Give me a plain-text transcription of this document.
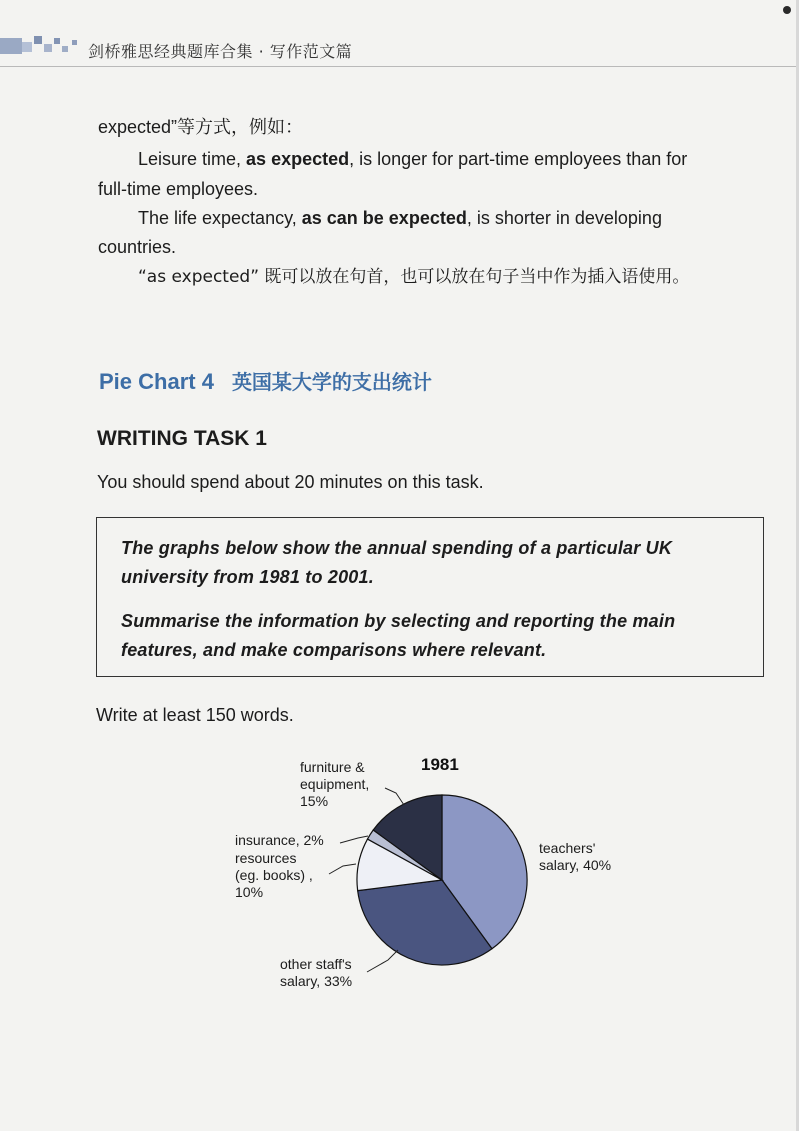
剑桥雅思经典题库合集 · 写作范文篇
expected”等方式，例如：
Leisure time, as expected, is longer for part-time employees than for
full-time employees.
The life expectancy, as can be expected, is shorter in developing
countries.
“as expected” 既可以放在句首，也可以放在句子当中作为插入语使用。
Pie Chart 4 英国某大学的支出统计
WRITING TASK 1
You should spend about 20 minutes on this task.
The graphs below show the annual spending of a particular UK
university from 1981 to 2001.
Summarise the information by selecting and reporting the main
features, and make comparisons where relevant.
Write at least 150 words.
1981
teachers' salary, 40%
other staff's salary, 33%
resources (eg. books) , 10%
insurance, 2%
furniture & equipment, 15%
